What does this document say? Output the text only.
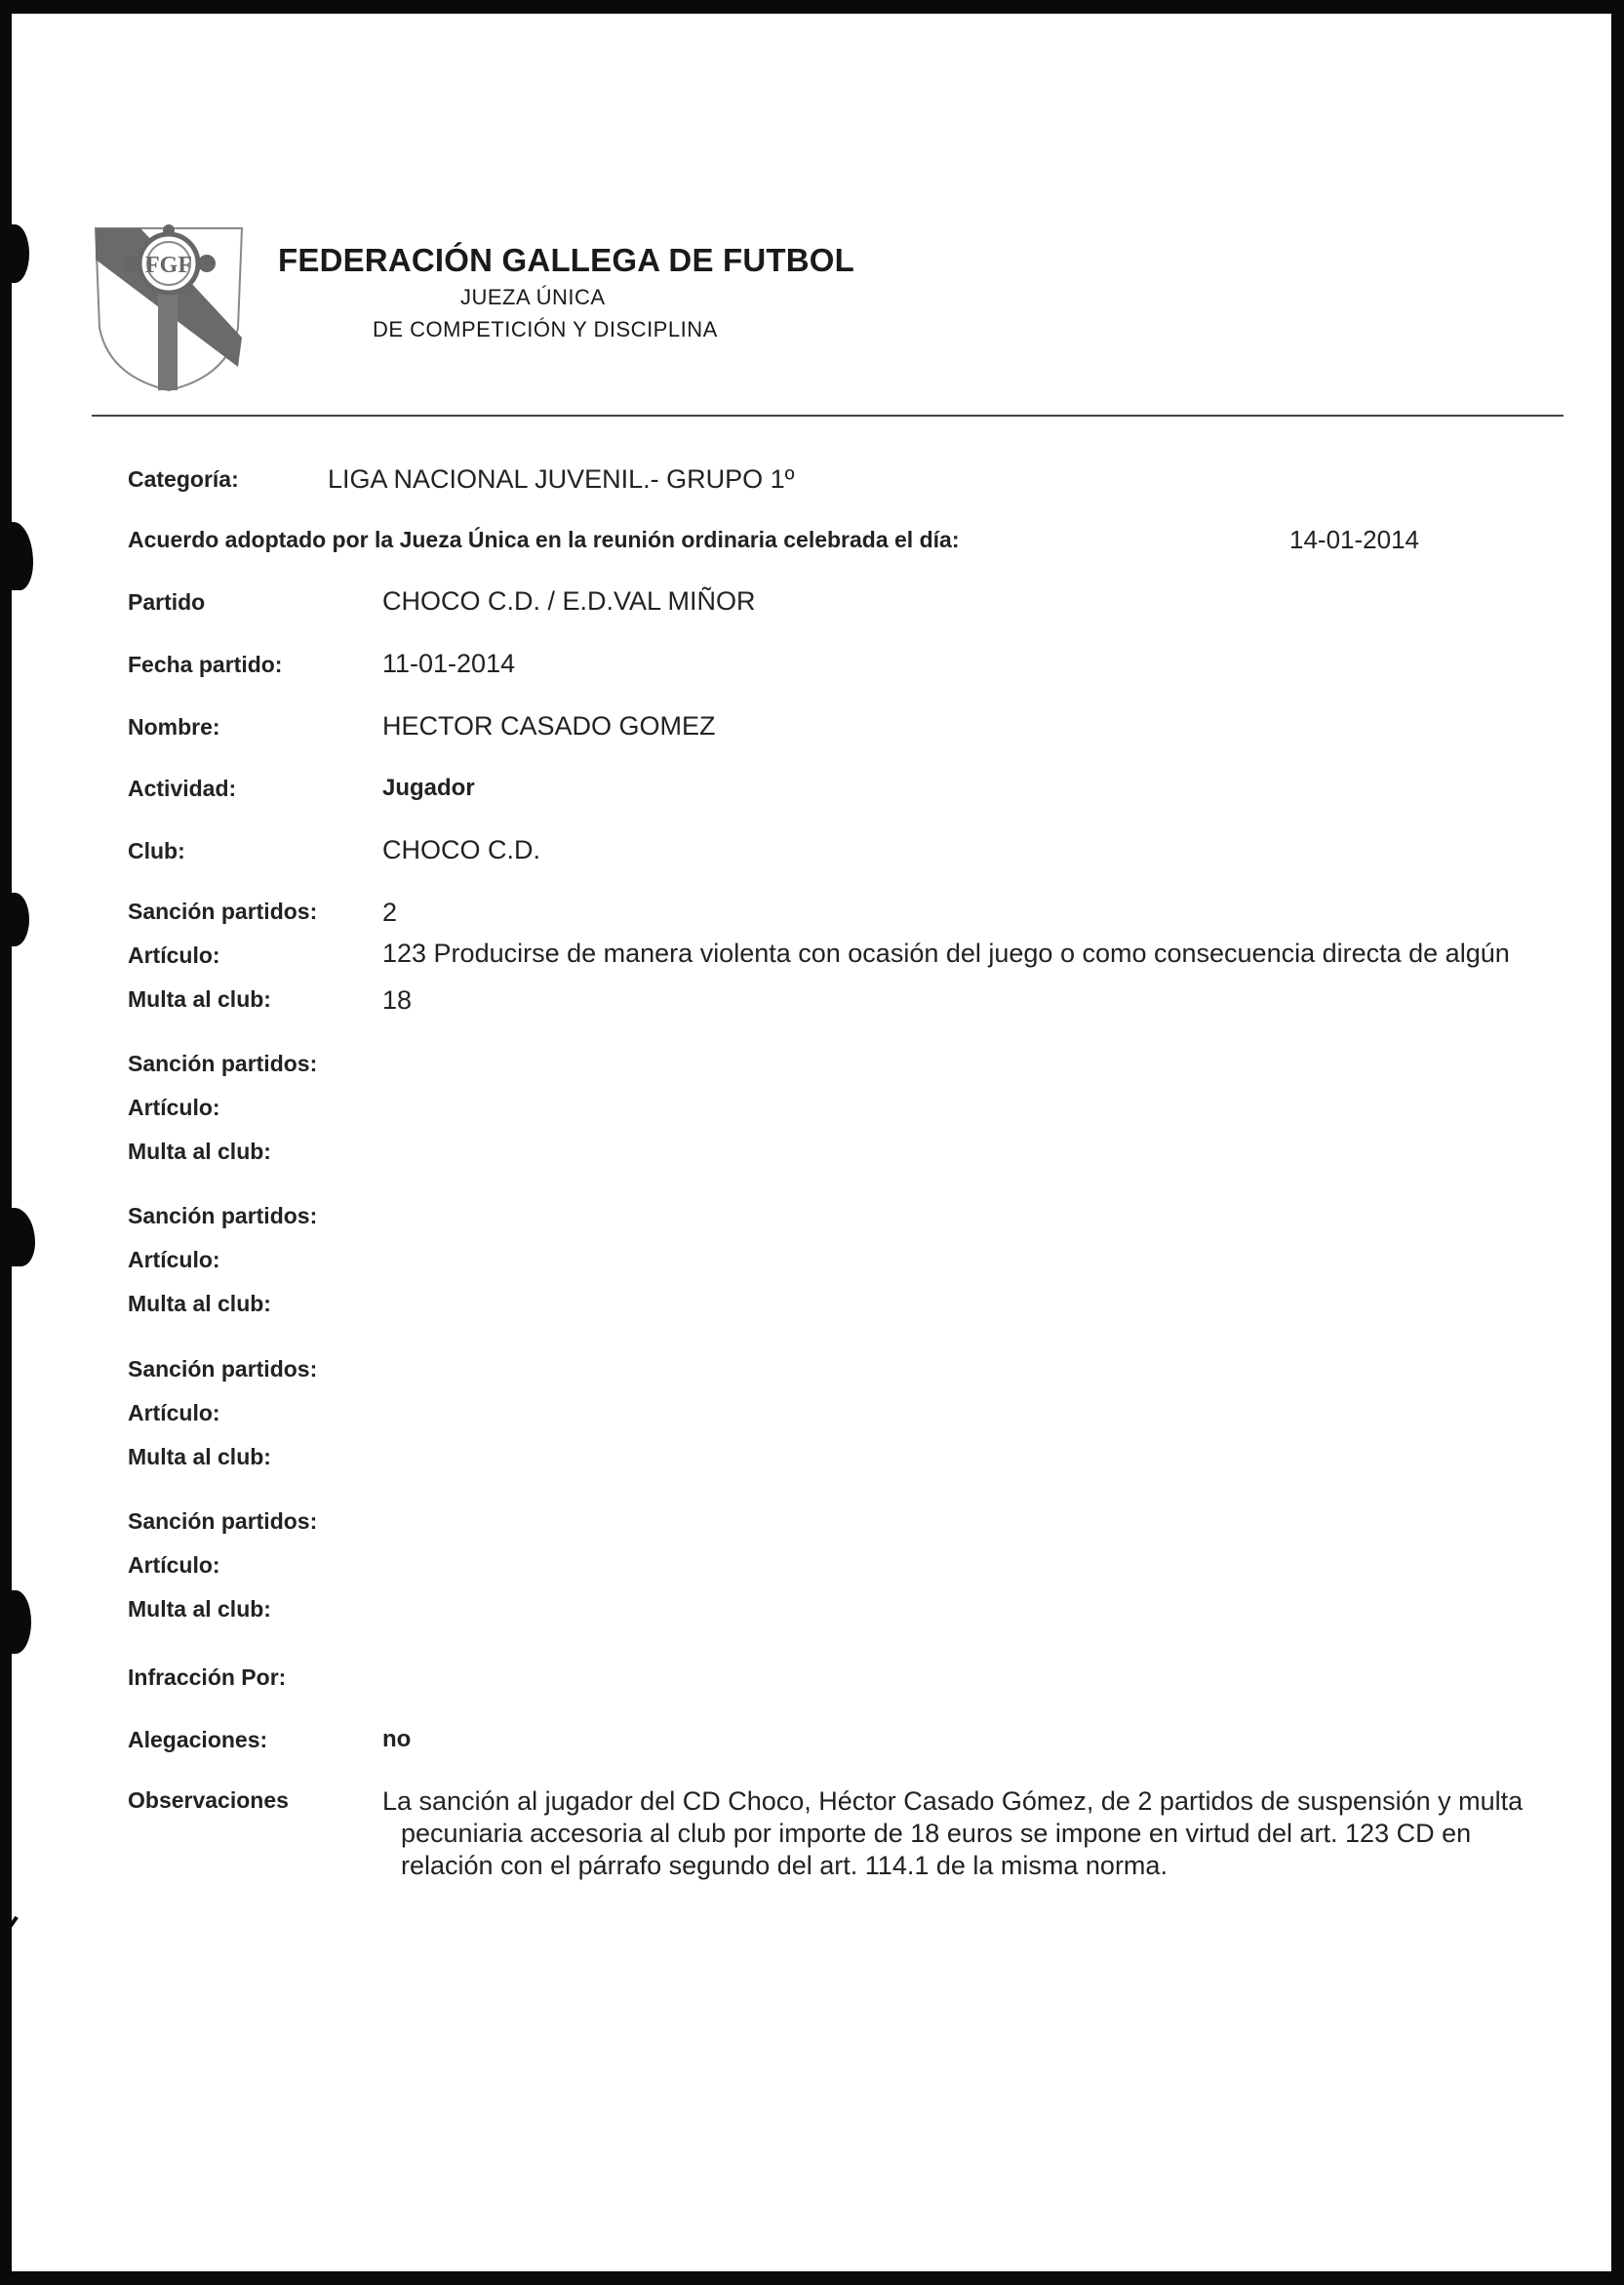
FGF	FEDERACIÓN GALLEGA DE FUTBOL
JUEZA ÚNICA
DE COMPETICIÓN Y DISCIPLINA
Categoría:	LIGA NACIONAL JUVENIL.- GRUPO 1º
Acuerdo adoptado por la Jueza Única en la reunión ordinaria celebrada el día:	14-01-2014
Partido	CHOCO C.D. / E.D.VAL MIÑOR
Fecha partido:	11-01-2014
Nombre:	HECTOR CASADO GOMEZ
Actividad:	Jugador
Club:	CHOCO C.D.
Sanción partidos: 2
Artículo:	123 Producirse de manera violenta con ocasión del juego o como consecuencia directa de algún
Multa al club:	18
Sanción partidos:
Artículo:
Multa al club:
Sanción partidos:
Artículo:
Multa al club:
Sanción partidos:
Artículo:
Multa al club:
Sanción partidos:
Artículo:
Multa al club:
Infracción Por:
Alegaciones:	no
Observaciones	La sanción al jugador del CD Choco, Héctor Casado Gómez, de 2 partidos de suspensión y multa
pecuniaria accesoria al club por importe de 18 euros se impone en virtud del art. 123 CD en
relación con el párrafo segundo del art. 114.1 de la misma norma.
